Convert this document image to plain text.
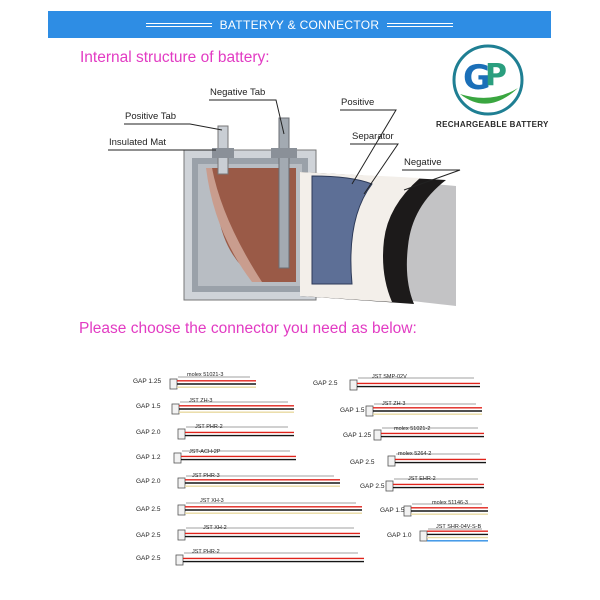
BATTERYY & CONNECTOR
Internal structure of battery:
G
P
RECHARGEABLE BATTERY
Negative Tab
Positive Tab
Insulated Mat
Positive
Separator
Negative
Please choose the connector you need as below:
GAP 1.25
molex 51021-3
GAP 1.5
JST ZH-3
GAP 2.0
JST PHR-2
GAP 1.2
JST-ACH-2P
GAP 2.0
JST PHR-3
GAP 2.5
JST XH-3
GAP 2.5
JST XH-2
GAP 2.5
JST PHR-2
GAP 2.5
JST SMP-02V
GAP 1.5
JST ZH-3
GAP 1.25
molex 51021-2
GAP 2.5
molex 5264-2
GAP 2.5
JST EHR-2
GAP 1.5
molex 51146-3
GAP 1.0
JST SHR-04V-S-B
